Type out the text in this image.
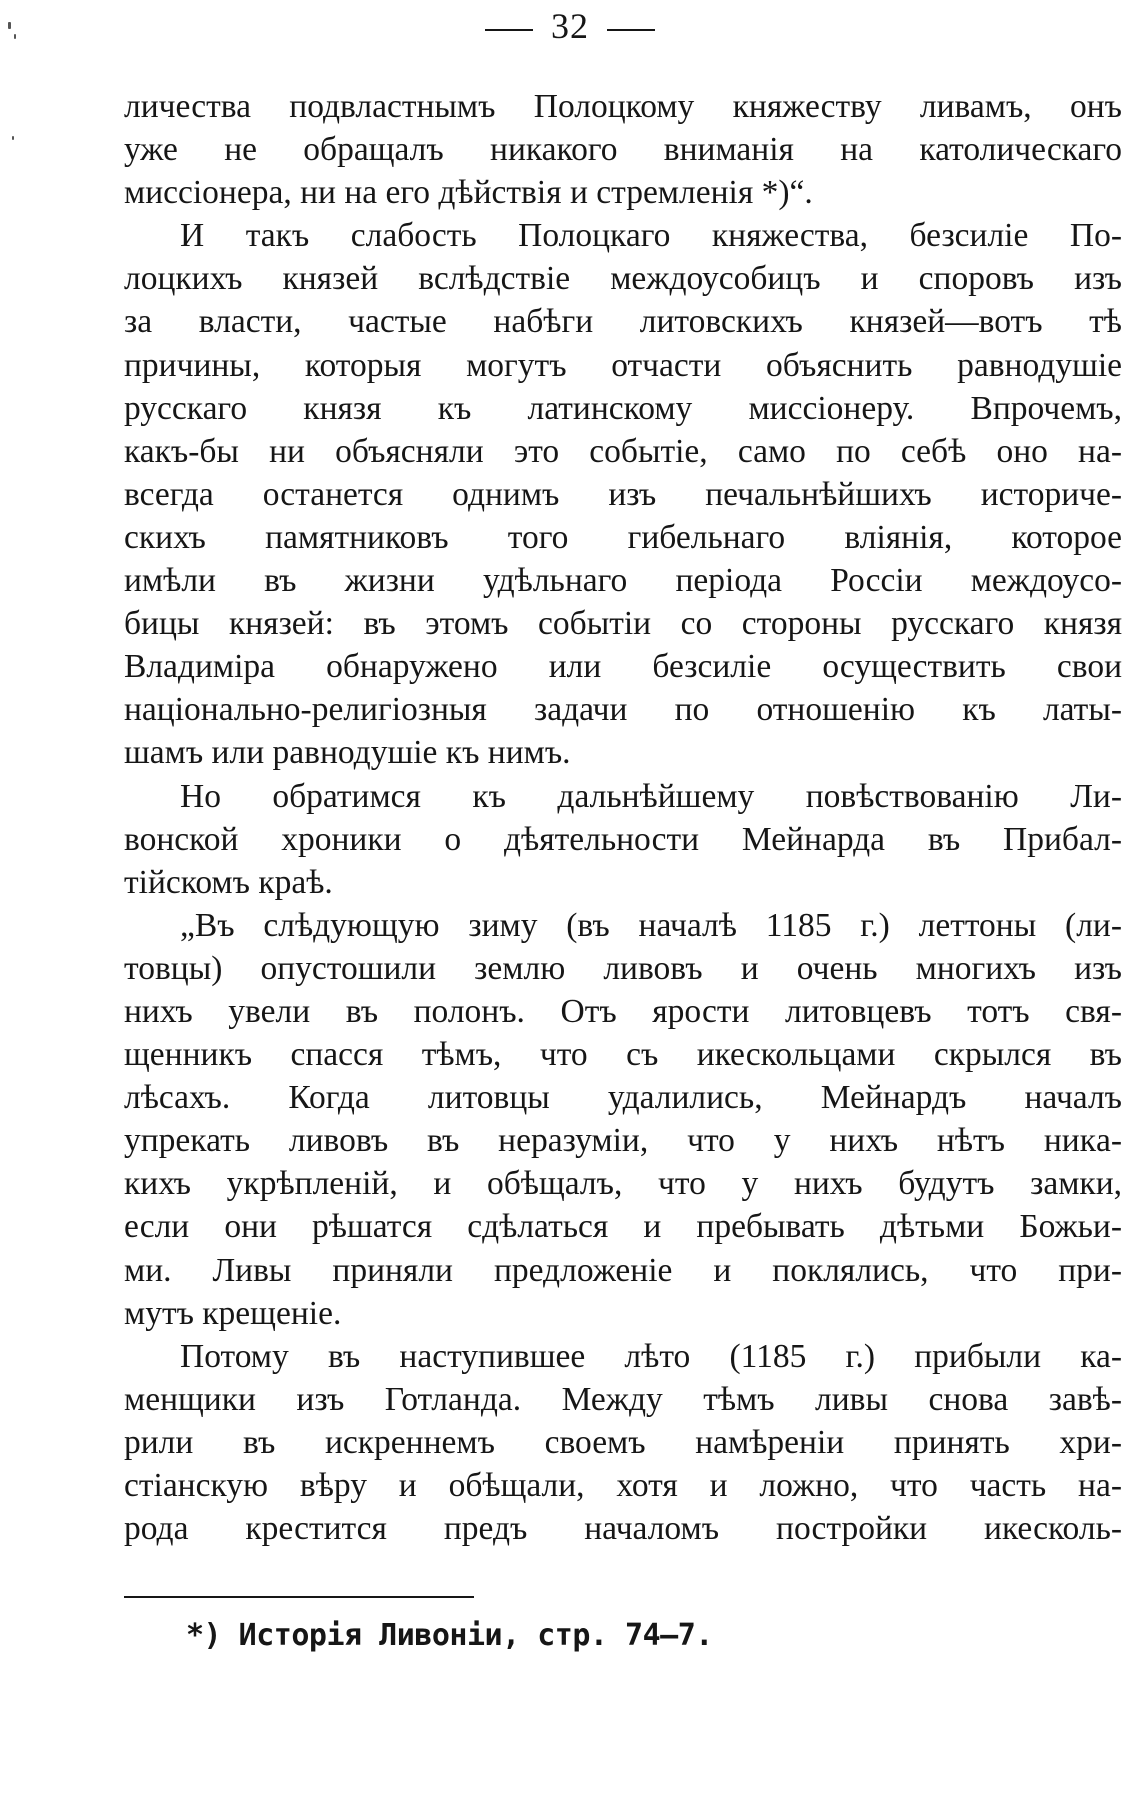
32
личества подвластнымъ Полоцкому княжеству ливамъ, онъ
уже не обращалъ никакого вниманія на католическаго
миссіонера, ни на его дѣйствія и стремленія *)“.
И такъ слабость Полоцкаго княжества, безсиліе По-
лоцкихъ князей вслѣдствіе междоусобицъ и споровъ изъ
за власти, частые набѣги литовскихъ князей—вотъ тѣ
причины, которыя могутъ отчасти объяснить равнодушіе
русскаго князя къ латинскому миссіонеру. Впрочемъ,
какъ-бы ни объясняли это событіе, само по себѣ оно на-
всегда останется однимъ изъ печальнѣйшихъ историче-
скихъ памятниковъ того гибельнаго вліянія, которое
имѣли въ жизни удѣльнаго періода Россіи междоусо-
бицы князей: въ этомъ событіи со стороны русскаго князя
Владиміра обнаружено или безсиліе осуществить свои
національно-религіозныя задачи по отношенію къ латы-
шамъ или равнодушіе къ нимъ.
Но обратимся къ дальнѣйшему повѣствованію Ли-
вонской хроники о дѣятельности Мейнарда въ Прибал-
тійскомъ краѣ.
„Въ слѣдующую зиму (въ началѣ 1185 г.) леттоны (ли-
товцы) опустошили землю ливовъ и очень многихъ изъ
нихъ увели въ полонъ. Отъ ярости литовцевъ тотъ свя-
щенникъ спасся тѣмъ, что съ икескольцами скрылся въ
лѣсахъ. Когда литовцы удалились, Мейнардъ началъ
упрекать ливовъ въ неразуміи, что у нихъ нѣтъ никa-
кихъ укрѣпленій, и обѣщалъ, что у нихъ будутъ замки,
если они рѣшатся сдѣлаться и пребывать дѣтьми Божьи-
ми. Ливы приняли предложеніе и поклялись, что при-
мутъ крещеніе.
Потому въ наступившее лѣто (1185 г.) прибыли ка-
менщики изъ Готланда. Между тѣмъ ливы снова завѣ-
рили въ искреннемъ своемъ намѣреніи принять хри-
стіанскую вѣру и обѣщали, хотя и ложно, что часть на-
рода крестится предъ началомъ постройки икесколь-
*) Исторія Ливоніи, стр. 74—7.
